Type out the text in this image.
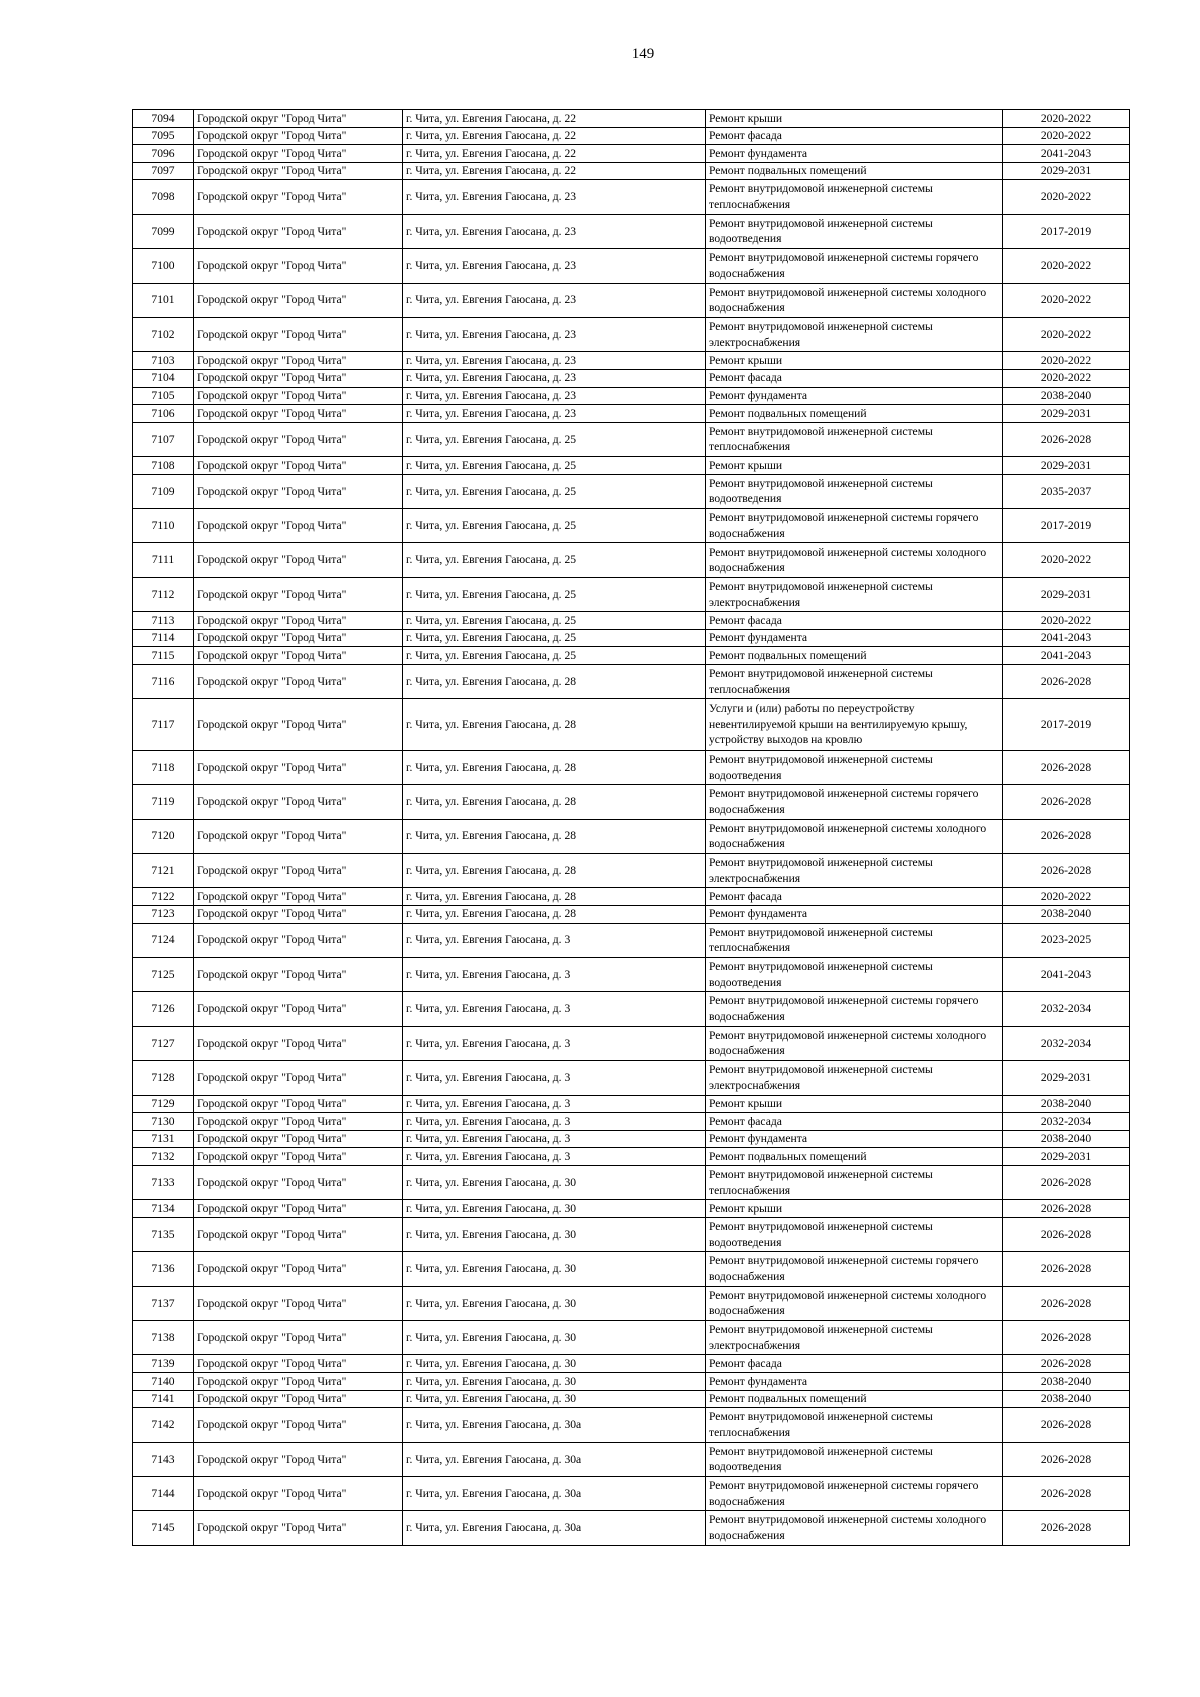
149
7094	Городской округ "Город Чита"	г. Чита, ул. Евгения Гаюсана, д. 22	Ремонт крыши	2020-2022
7095	Городской округ "Город Чита"	г. Чита, ул. Евгения Гаюсана, д. 22	Ремонт фасада	2020-2022
7096	Городской округ "Город Чита"	г. Чита, ул. Евгения Гаюсана, д. 22	Ремонт фундамента	2041-2043
7097	Городской округ "Город Чита"	г. Чита, ул. Евгения Гаюсана, д. 22	Ремонт подвальных помещений	2029-2031
7098	Городской округ "Город Чита"	г. Чита, ул. Евгения Гаюсана, д. 23	Ремонт внутридомовой инженерной системы теплоснабжения	2020-2022
7099	Городской округ "Город Чита"	г. Чита, ул. Евгения Гаюсана, д. 23	Ремонт внутридомовой инженерной системы водоотведения	2017-2019
7100	Городской округ "Город Чита"	г. Чита, ул. Евгения Гаюсана, д. 23	Ремонт внутридомовой инженерной системы горячего водоснабжения	2020-2022
7101	Городской округ "Город Чита"	г. Чита, ул. Евгения Гаюсана, д. 23	Ремонт внутридомовой инженерной системы холодного водоснабжения	2020-2022
7102	Городской округ "Город Чита"	г. Чита, ул. Евгения Гаюсана, д. 23	Ремонт внутридомовой инженерной системы электроснабжения	2020-2022
7103	Городской округ "Город Чита"	г. Чита, ул. Евгения Гаюсана, д. 23	Ремонт крыши	2020-2022
7104	Городской округ "Город Чита"	г. Чита, ул. Евгения Гаюсана, д. 23	Ремонт фасада	2020-2022
7105	Городской округ "Город Чита"	г. Чита, ул. Евгения Гаюсана, д. 23	Ремонт фундамента	2038-2040
7106	Городской округ "Город Чита"	г. Чита, ул. Евгения Гаюсана, д. 23	Ремонт подвальных помещений	2029-2031
7107	Городской округ "Город Чита"	г. Чита, ул. Евгения Гаюсана, д. 25	Ремонт внутридомовой инженерной системы теплоснабжения	2026-2028
7108	Городской округ "Город Чита"	г. Чита, ул. Евгения Гаюсана, д. 25	Ремонт крыши	2029-2031
7109	Городской округ "Город Чита"	г. Чита, ул. Евгения Гаюсана, д. 25	Ремонт внутридомовой инженерной системы водоотведения	2035-2037
7110	Городской округ "Город Чита"	г. Чита, ул. Евгения Гаюсана, д. 25	Ремонт внутридомовой инженерной системы горячего водоснабжения	2017-2019
7111	Городской округ "Город Чита"	г. Чита, ул. Евгения Гаюсана, д. 25	Ремонт внутридомовой инженерной системы холодного водоснабжения	2020-2022
7112	Городской округ "Город Чита"	г. Чита, ул. Евгения Гаюсана, д. 25	Ремонт внутридомовой инженерной системы электроснабжения	2029-2031
7113	Городской округ "Город Чита"	г. Чита, ул. Евгения Гаюсана, д. 25	Ремонт фасада	2020-2022
7114	Городской округ "Город Чита"	г. Чита, ул. Евгения Гаюсана, д. 25	Ремонт фундамента	2041-2043
7115	Городской округ "Город Чита"	г. Чита, ул. Евгения Гаюсана, д. 25	Ремонт подвальных помещений	2041-2043
7116	Городской округ "Город Чита"	г. Чита, ул. Евгения Гаюсана, д. 28	Ремонт внутридомовой инженерной системы теплоснабжения	2026-2028
7117	Городской округ "Город Чита"	г. Чита, ул. Евгения Гаюсана, д. 28	Услуги и (или) работы по переустройству невентилируемой крыши на вентилируемую крышу, устройству выходов на кровлю	2017-2019
7118	Городской округ "Город Чита"	г. Чита, ул. Евгения Гаюсана, д. 28	Ремонт внутридомовой инженерной системы водоотведения	2026-2028
7119	Городской округ "Город Чита"	г. Чита, ул. Евгения Гаюсана, д. 28	Ремонт внутридомовой инженерной системы горячего водоснабжения	2026-2028
7120	Городской округ "Город Чита"	г. Чита, ул. Евгения Гаюсана, д. 28	Ремонт внутридомовой инженерной системы холодного водоснабжения	2026-2028
7121	Городской округ "Город Чита"	г. Чита, ул. Евгения Гаюсана, д. 28	Ремонт внутридомовой инженерной системы электроснабжения	2026-2028
7122	Городской округ "Город Чита"	г. Чита, ул. Евгения Гаюсана, д. 28	Ремонт фасада	2020-2022
7123	Городской округ "Город Чита"	г. Чита, ул. Евгения Гаюсана, д. 28	Ремонт фундамента	2038-2040
7124	Городской округ "Город Чита"	г. Чита, ул. Евгения Гаюсана, д. 3	Ремонт внутридомовой инженерной системы теплоснабжения	2023-2025
7125	Городской округ "Город Чита"	г. Чита, ул. Евгения Гаюсана, д. 3	Ремонт внутридомовой инженерной системы водоотведения	2041-2043
7126	Городской округ "Город Чита"	г. Чита, ул. Евгения Гаюсана, д. 3	Ремонт внутридомовой инженерной системы горячего водоснабжения	2032-2034
7127	Городской округ "Город Чита"	г. Чита, ул. Евгения Гаюсана, д. 3	Ремонт внутридомовой инженерной системы холодного водоснабжения	2032-2034
7128	Городской округ "Город Чита"	г. Чита, ул. Евгения Гаюсана, д. 3	Ремонт внутридомовой инженерной системы электроснабжения	2029-2031
7129	Городской округ "Город Чита"	г. Чита, ул. Евгения Гаюсана, д. 3	Ремонт крыши	2038-2040
7130	Городской округ "Город Чита"	г. Чита, ул. Евгения Гаюсана, д. 3	Ремонт фасада	2032-2034
7131	Городской округ "Город Чита"	г. Чита, ул. Евгения Гаюсана, д. 3	Ремонт фундамента	2038-2040
7132	Городской округ "Город Чита"	г. Чита, ул. Евгения Гаюсана, д. 3	Ремонт подвальных помещений	2029-2031
7133	Городской округ "Город Чита"	г. Чита, ул. Евгения Гаюсана, д. 30	Ремонт внутридомовой инженерной системы теплоснабжения	2026-2028
7134	Городской округ "Город Чита"	г. Чита, ул. Евгения Гаюсана, д. 30	Ремонт крыши	2026-2028
7135	Городской округ "Город Чита"	г. Чита, ул. Евгения Гаюсана, д. 30	Ремонт внутридомовой инженерной системы водоотведения	2026-2028
7136	Городской округ "Город Чита"	г. Чита, ул. Евгения Гаюсана, д. 30	Ремонт внутридомовой инженерной системы горячего водоснабжения	2026-2028
7137	Городской округ "Город Чита"	г. Чита, ул. Евгения Гаюсана, д. 30	Ремонт внутридомовой инженерной системы холодного водоснабжения	2026-2028
7138	Городской округ "Город Чита"	г. Чита, ул. Евгения Гаюсана, д. 30	Ремонт внутридомовой инженерной системы электроснабжения	2026-2028
7139	Городской округ "Город Чита"	г. Чита, ул. Евгения Гаюсана, д. 30	Ремонт фасада	2026-2028
7140	Городской округ "Город Чита"	г. Чита, ул. Евгения Гаюсана, д. 30	Ремонт фундамента	2038-2040
7141	Городской округ "Город Чита"	г. Чита, ул. Евгения Гаюсана, д. 30	Ремонт подвальных помещений	2038-2040
7142	Городской округ "Город Чита"	г. Чита, ул. Евгения Гаюсана, д. 30а	Ремонт внутридомовой инженерной системы теплоснабжения	2026-2028
7143	Городской округ "Город Чита"	г. Чита, ул. Евгения Гаюсана, д. 30а	Ремонт внутридомовой инженерной системы водоотведения	2026-2028
7144	Городской округ "Город Чита"	г. Чита, ул. Евгения Гаюсана, д. 30а	Ремонт внутридомовой инженерной системы горячего водоснабжения	2026-2028
7145	Городской округ "Город Чита"	г. Чита, ул. Евгения Гаюсана, д. 30а	Ремонт внутридомовой инженерной системы холодного водоснабжения	2026-2028
